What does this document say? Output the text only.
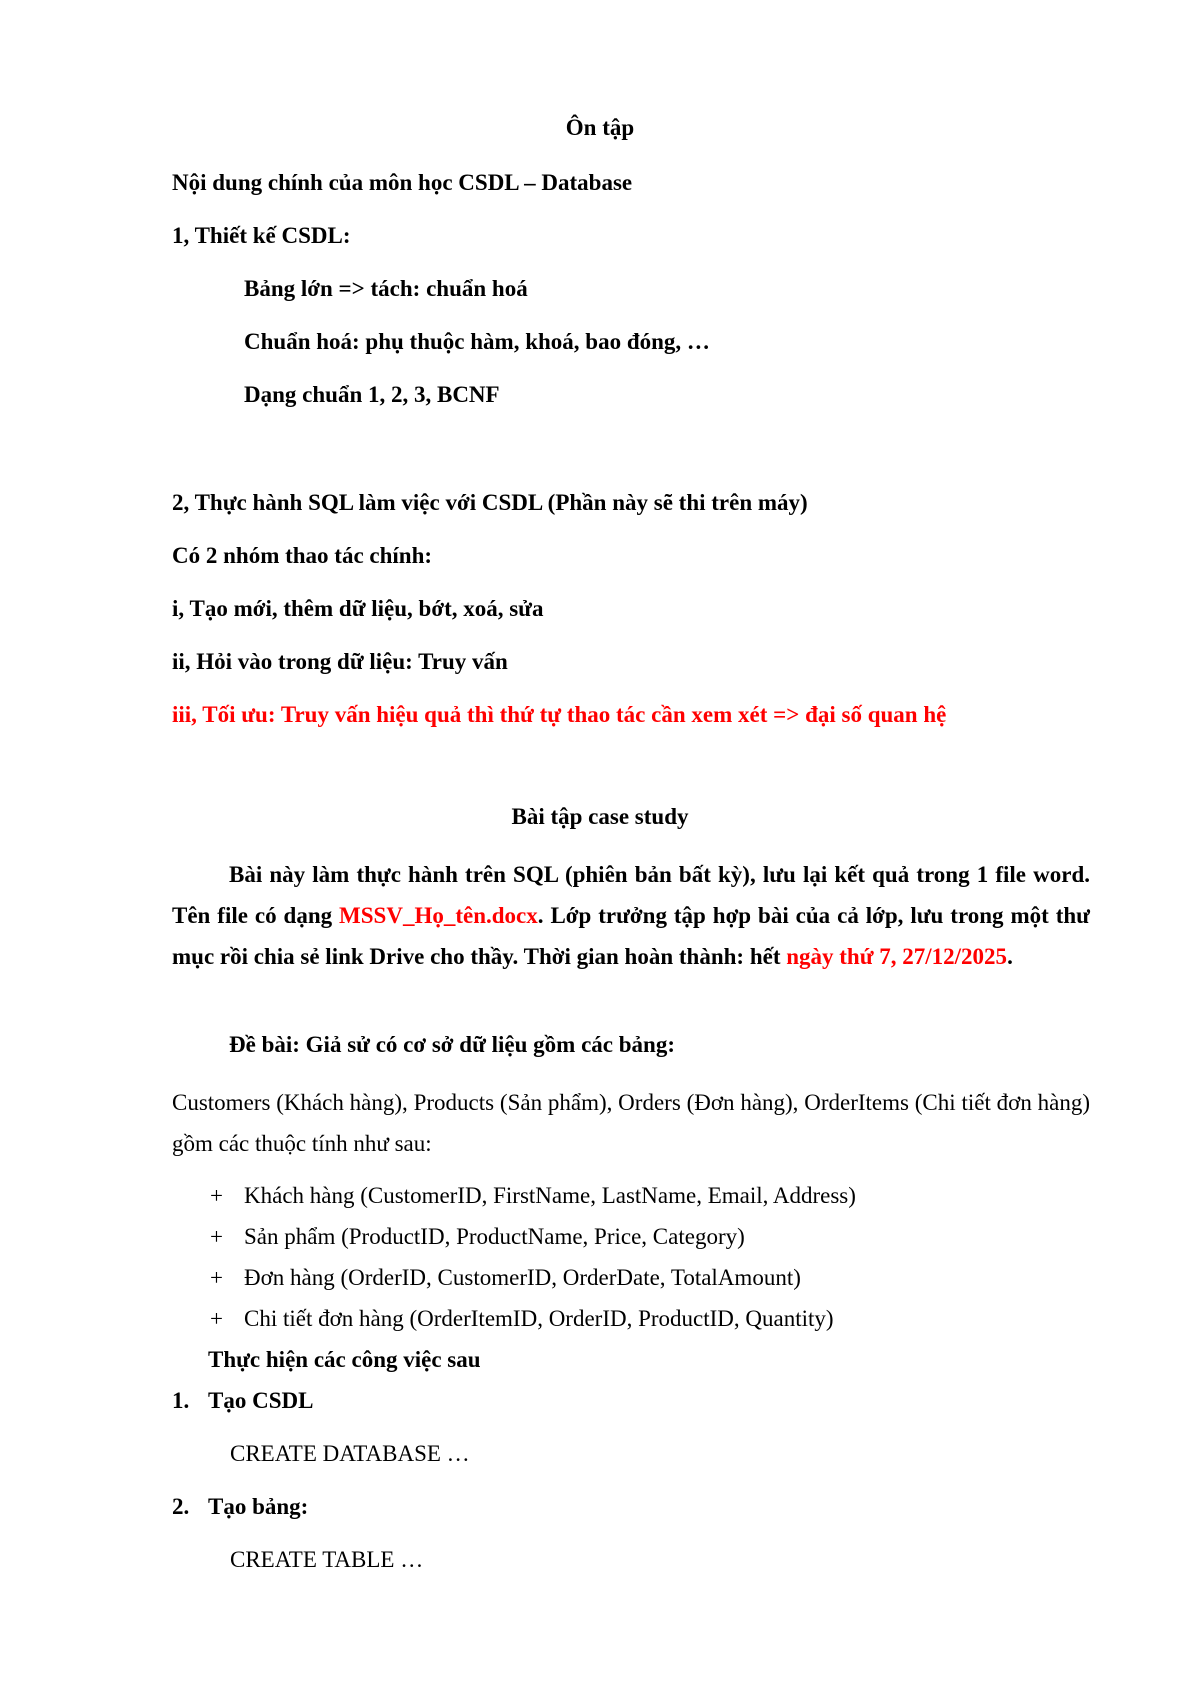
Ôn tập
Nội dung chính của môn học CSDL – Database
1, Thiết kế CSDL:
Bảng lớn => tách: chuẩn hoá
Chuẩn hoá: phụ thuộc hàm, khoá, bao đóng, …
Dạng chuẩn 1, 2, 3, BCNF
2, Thực hành SQL làm việc với CSDL (Phần này sẽ thi trên máy)
Có 2 nhóm thao tác chính:
i, Tạo mới, thêm dữ liệu, bớt, xoá, sửa
ii, Hỏi vào trong dữ liệu: Truy vấn
iii, Tối ưu: Truy vấn hiệu quả thì thứ tự thao tác cần xem xét => đại số quan hệ
Bài tập case study
Bài này làm thực hành trên SQL (phiên bản bất kỳ), lưu lại kết quả trong 1 file word. Tên file có dạng MSSV_Họ_tên.docx. Lớp trưởng tập hợp bài của cả lớp, lưu trong một thư mục rồi chia sẻ link Drive cho thầy. Thời gian hoàn thành: hết ngày thứ 7, 27/12/2025.
Đề bài: Giả sử có cơ sở dữ liệu gồm các bảng:
Customers (Khách hàng), Products (Sản phẩm), Orders (Đơn hàng), OrderItems (Chi tiết đơn hàng) gồm các thuộc tính như sau:
+ Khách hàng (CustomerID, FirstName, LastName, Email, Address)
+ Sản phẩm (ProductID, ProductName, Price, Category)
+ Đơn hàng (OrderID, CustomerID, OrderDate, TotalAmount)
+ Chi tiết đơn hàng (OrderItemID, OrderID, ProductID, Quantity)
Thực hiện các công việc sau
1. Tạo CSDL
CREATE DATABASE …
2. Tạo bảng:
CREATE TABLE …
